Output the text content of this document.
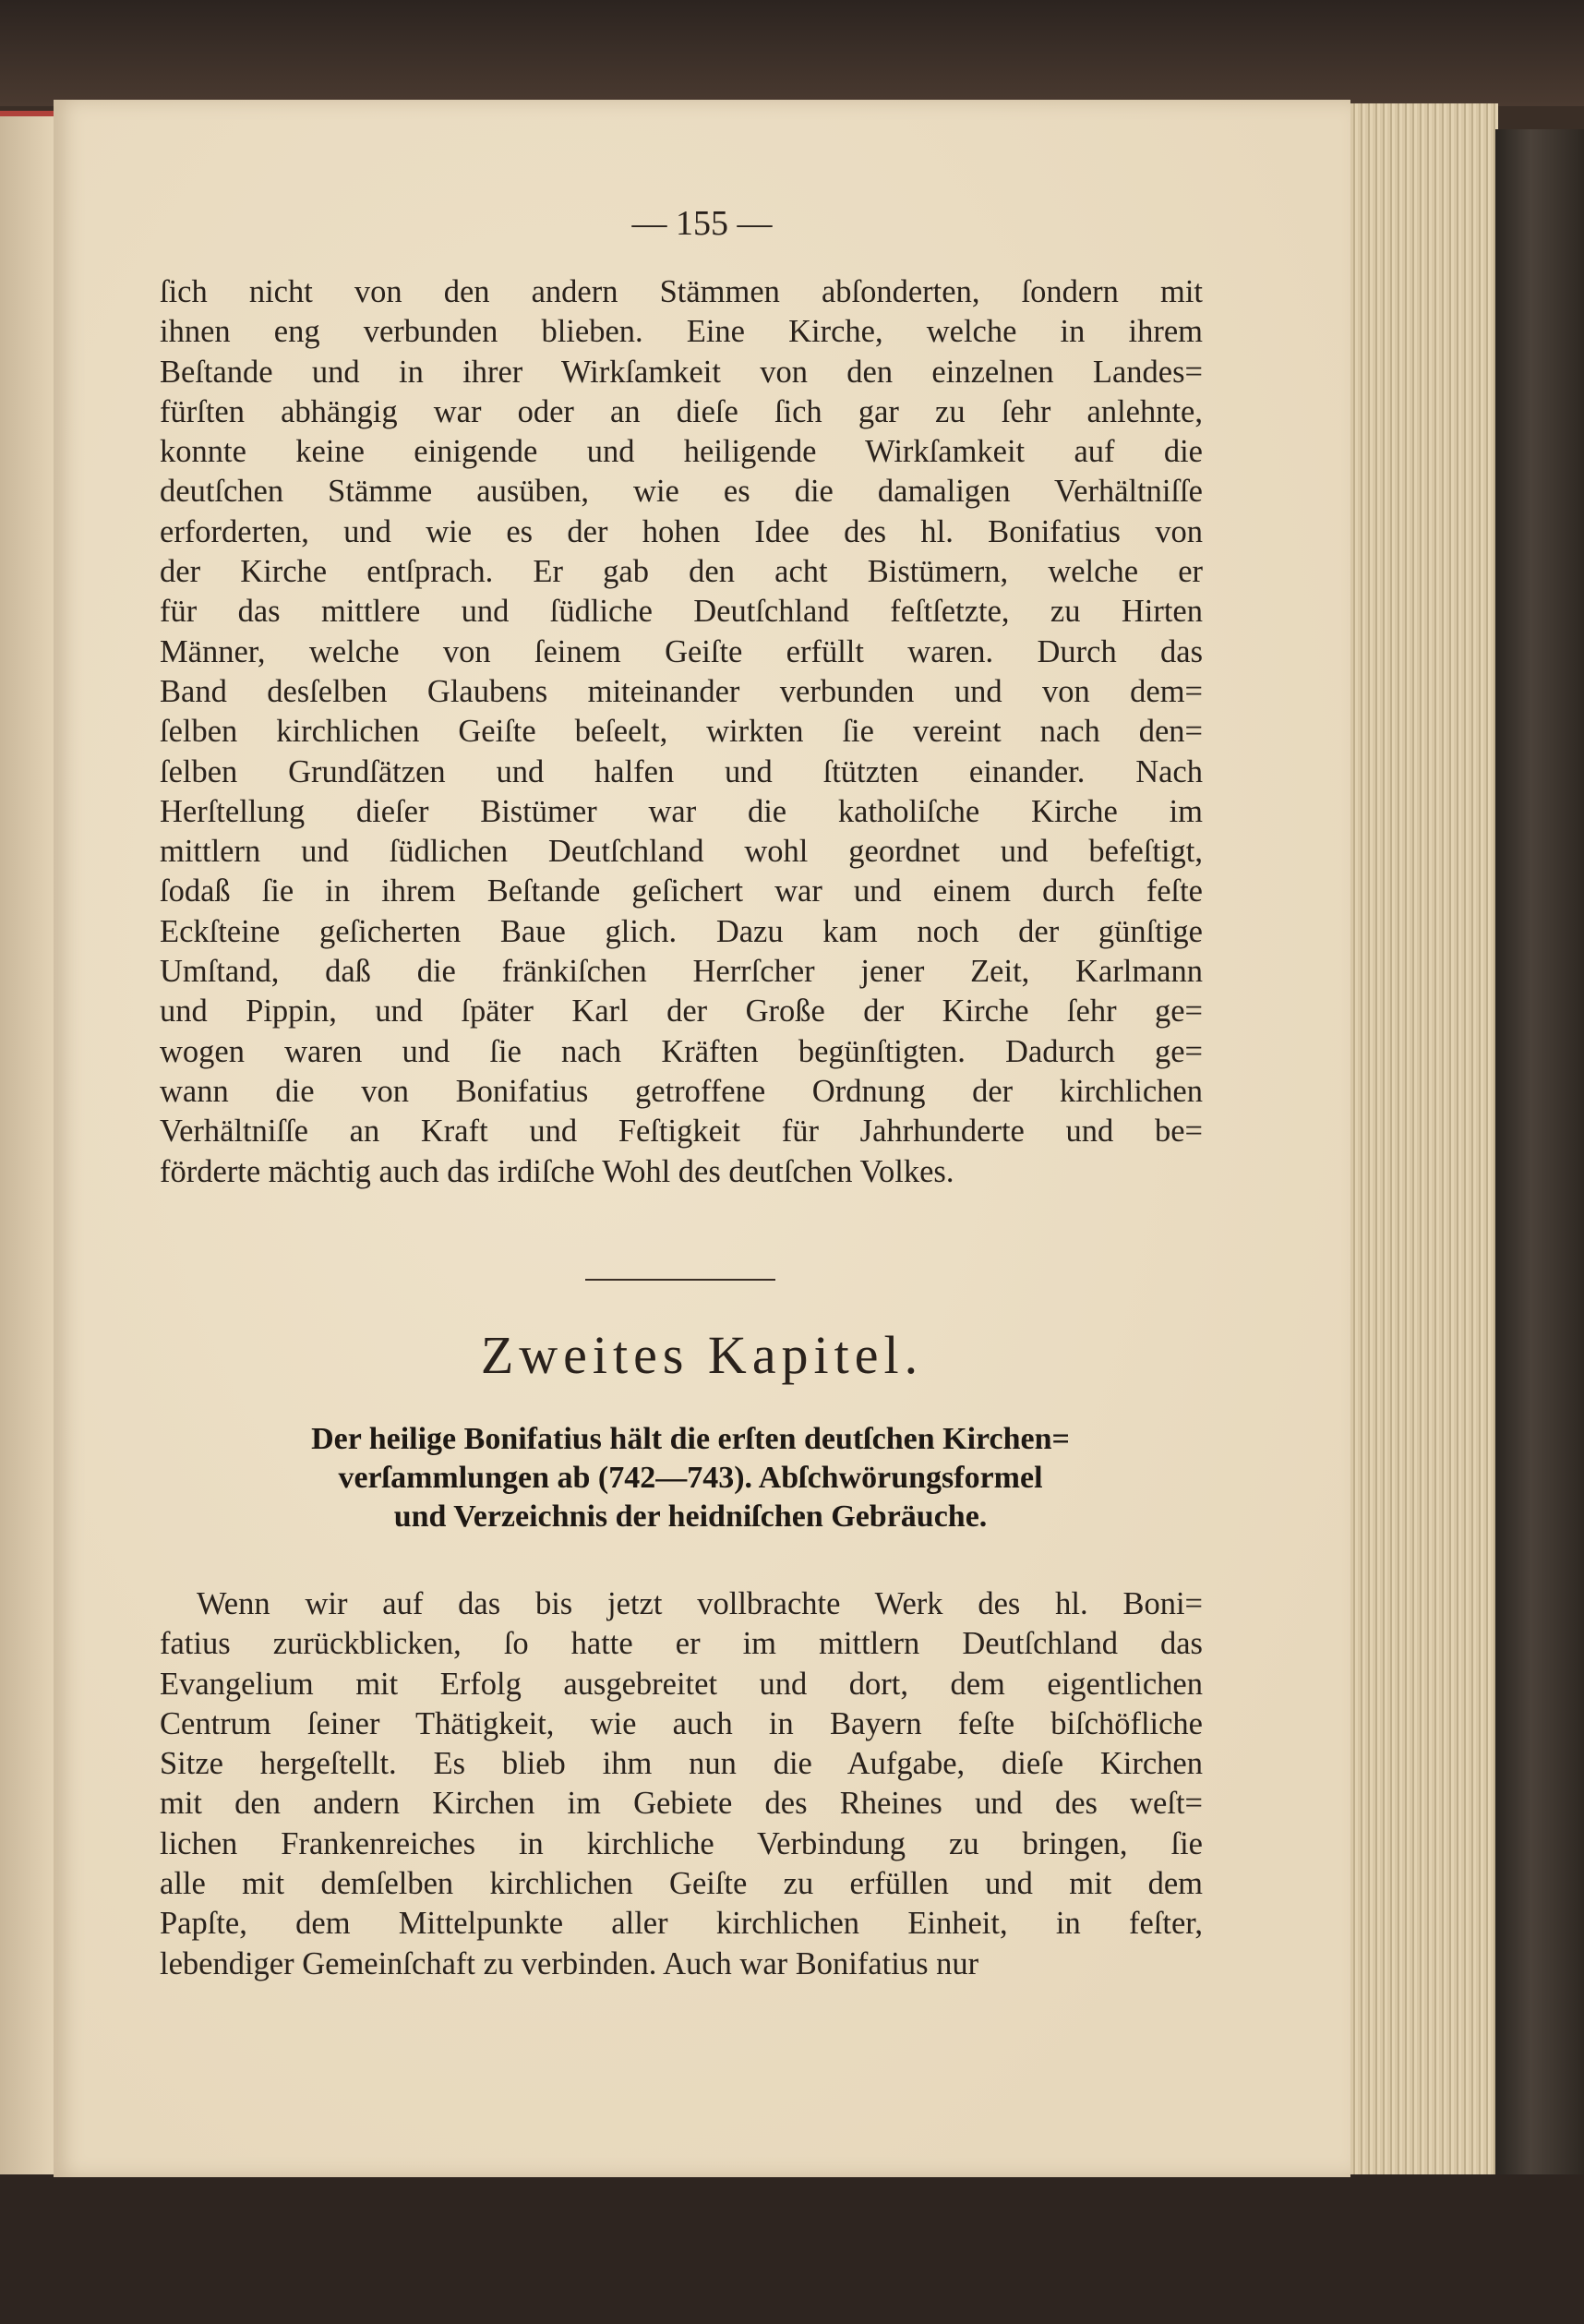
— 155 —
ſich nicht von den andern Stämmen abſonderten, ſondern mit
ihnen eng verbunden blieben. Eine Kirche, welche in ihrem
Beſtande und in ihrer Wirkſamkeit von den einzelnen Landes=
fürſten abhängig war oder an dieſe ſich gar zu ſehr anlehnte,
konnte keine einigende und heiligende Wirkſamkeit auf die
deutſchen Stämme ausüben, wie es die damaligen Verhältniſſe
erforderten, und wie es der hohen Idee des hl. Bonifatius von
der Kirche entſprach. Er gab den acht Bistümern, welche er
für das mittlere und ſüdliche Deutſchland feſtſetzte, zu Hirten
Männer, welche von ſeinem Geiſte erfüllt waren. Durch das
Band desſelben Glaubens miteinander verbunden und von dem=
ſelben kirchlichen Geiſte beſeelt, wirkten ſie vereint nach den=
ſelben Grundſätzen und halfen und ſtützten einander. Nach
Herſtellung dieſer Bistümer war die katholiſche Kirche im
mittlern und ſüdlichen Deutſchland wohl geordnet und befeſtigt,
ſodaß ſie in ihrem Beſtande geſichert war und einem durch feſte
Eckſteine geſicherten Baue glich. Dazu kam noch der günſtige
Umſtand, daß die fränkiſchen Herrſcher jener Zeit, Karlmann
und Pippin, und ſpäter Karl der Große der Kirche ſehr ge=
wogen waren und ſie nach Kräften begünſtigten. Dadurch ge=
wann die von Bonifatius getroffene Ordnung der kirchlichen
Verhältniſſe an Kraft und Feſtigkeit für Jahrhunderte und be=
förderte mächtig auch das irdiſche Wohl des deutſchen Volkes.
Zweites Kapitel.
Der heilige Bonifatius hält die erſten deutſchen Kirchen=
verſammlungen ab (742—743). Abſchwörungsformel
und Verzeichnis der heidniſchen Gebräuche.
Wenn wir auf das bis jetzt vollbrachte Werk des hl. Boni=
fatius zurückblicken, ſo hatte er im mittlern Deutſchland das
Evangelium mit Erfolg ausgebreitet und dort, dem eigentlichen
Centrum ſeiner Thätigkeit, wie auch in Bayern feſte biſchöfliche
Sitze hergeſtellt. Es blieb ihm nun die Aufgabe, dieſe Kirchen
mit den andern Kirchen im Gebiete des Rheines und des weſt=
lichen Frankenreiches in kirchliche Verbindung zu bringen, ſie
alle mit demſelben kirchlichen Geiſte zu erfüllen und mit dem
Papſte, dem Mittelpunkte aller kirchlichen Einheit, in feſter,
lebendiger Gemeinſchaft zu verbinden. Auch war Bonifatius nur
